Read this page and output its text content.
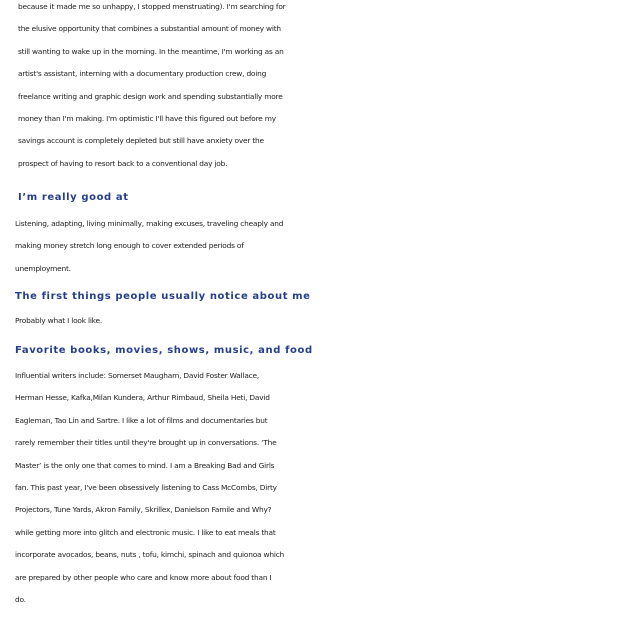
because it made me so unhappy, I stopped menstruating). I'm searching for
the elusive opportunity that combines a substantial amount of money with
still wanting to wake up in the morning. In the meantime, I'm working as an
artist's assistant, interning with a documentary production crew, doing
freelance writing and graphic design work and spending substantially more
money than I'm making. I'm optimistic I'll have this figured out before my
savings account is completely depleted but still have anxiety over the
prospect of having to resort back to a conventional day job.
I’m really good at
Listening, adapting, living minimally, making excuses, traveling cheaply and
making money stretch long enough to cover extended periods of
unemployment.
The first things people usually notice about me
Probably what I look like.
Favorite books, movies, shows, music, and food
Influential writers include: Somerset Maugham, David Foster Wallace,
Herman Hesse, Kafka,Milan Kundera, Arthur Rimbaud, Sheila Heti, David
Eagleman, Tao Lin and Sartre. I like a lot of films and documentaries but
rarely remember their titles until they're brought up in conversations. ‘The
Master’ is the only one that comes to mind. I am a Breaking Bad and Girls
fan. This past year, I've been obsessively listening to Cass McCombs, Dirty
Projectors, Tune Yards, Akron Family, Skrillex, Danielson Famile and Why?
while getting more into glitch and electronic music. I like to eat meals that
incorporate avocados, beans, nuts , tofu, kimchi, spinach and quionoa which
are prepared by other people who care and know more about food than I
do.
